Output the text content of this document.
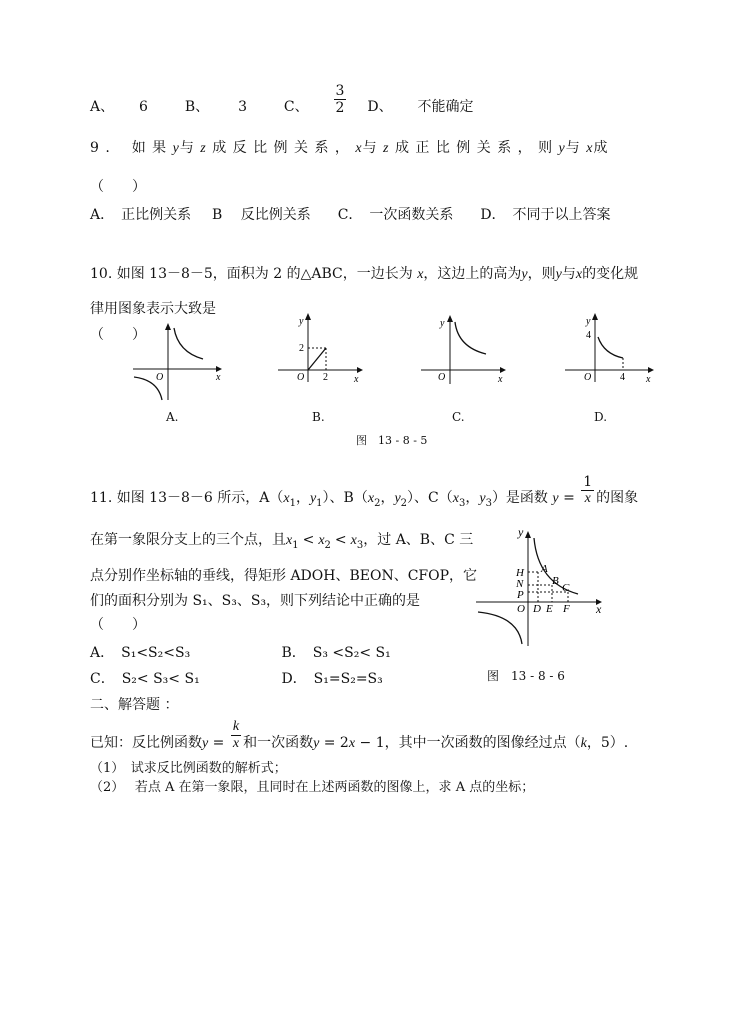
A、 6	B、 3	C、 $\frac{3}{2}$ D、 不能确定
9 . 如 果 y与 z 成 反 比 例 关 系 ， x与 z 成 正 比 例 关 系 ， 则 y与 x成
（　　）
A．　正比例关系 B　 反比例关系 C．　一次函数关系 D．　不同于以上答案
10. 如图 13－8－5，面积为 2 的△ABC，一边长为 x，这边上的高为y，则y与x的变化规
律用图象表示大致是
（　　）
O	x
A.
y
2
O 2	x
B.
y
O	x
C.
y
4
O	4 x
D.
图　13 - 8 - 5
11. 如图 13－8－6 所示，$A(x_1$，$y_1$）、$B(x_2$，$y_2$）、$C(x_3$，$y_3$）是函数 $y = \frac{1}{x}$ 的图象
在第一象限分支上的三个点，且$x_1 < x_2 < x_3$，过 A、B、C 三
点分别作坐标轴的垂线，得矩形 ADOH、BEON、CFOP，它
们的面积分别为 S₁、S₃、S₃，则下列结论中正确的是
（　　）
A．　S₁<S₂<S₃	B．　S₃ <S₂< S₁
C．　S₂< S₃< S₁	D．　S₁=S₂=S₃
y
x
H
N
P
O D E F
A
B
C
图　13 - 8 - 6
二、解答题 ：
已知：反比例函数$y = \frac{k}{x}$ 和一次函数y = 2x − 1，其中一次函数的图像经过点（k，5）.
（1）　试求反比例函数的解析式；
（2）　 若点 A 在第一象限，且同时在上述两函数的图像上，求 A 点的坐标；
